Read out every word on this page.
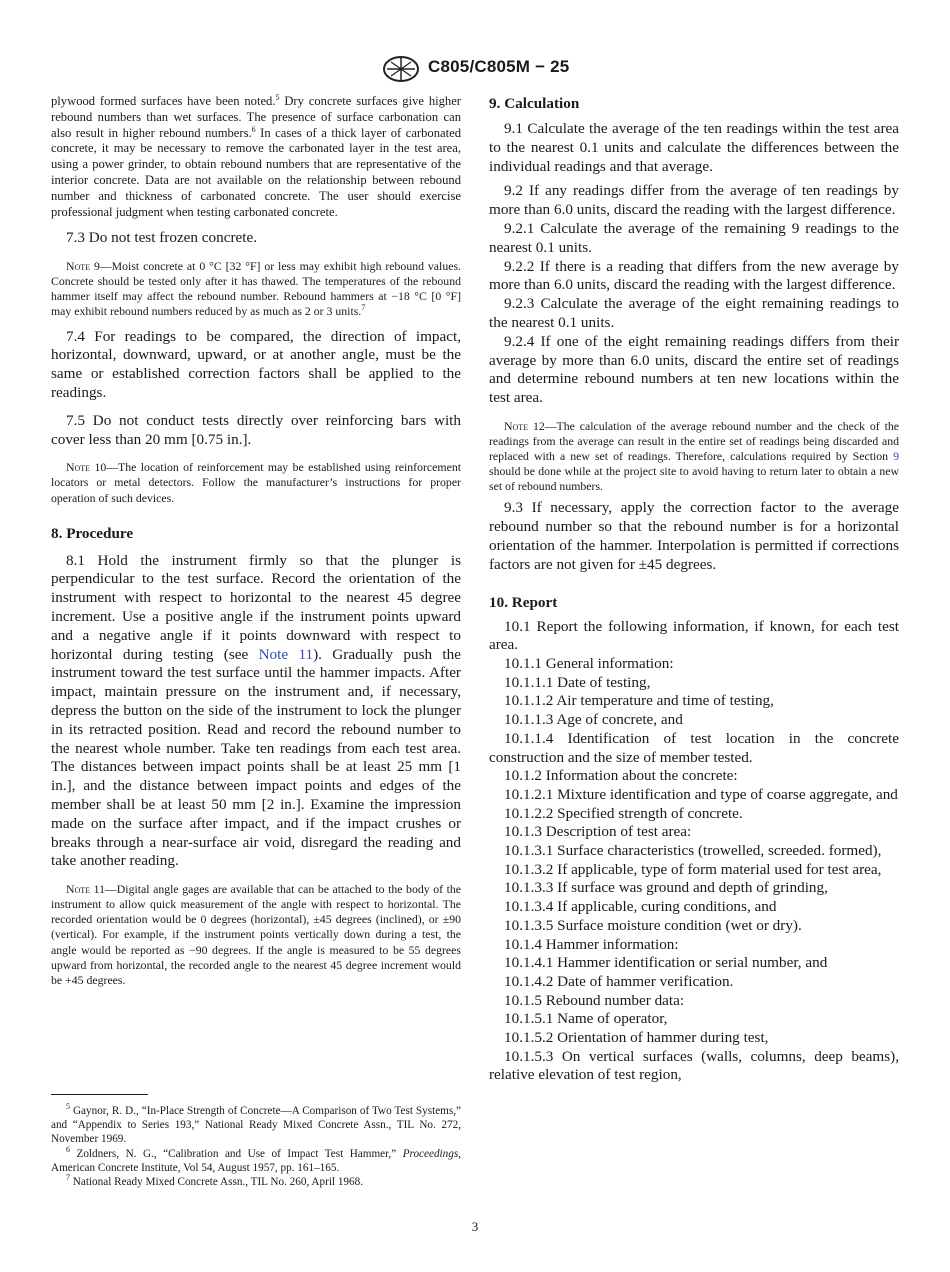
C805/C805M − 25

plywood formed surfaces have been noted.$^5$ Dry concrete surfaces give higher rebound numbers than wet surfaces. The presence of surface carbonation can also result in higher rebound numbers.$^6$ In cases of a thick layer of carbonated concrete, it may be necessary to remove the carbonated layer in the test area, using a power grinder, to obtain rebound numbers that are representative of the interior concrete. Data are not available on the relationship between rebound number and thickness of carbonated concrete. The user should exercise professional judgment when testing carbonated concrete.

7.3 Do not test frozen concrete.

Note 9—Moist concrete at 0 °C [32 °F] or less may exhibit high rebound values. Concrete should be tested only after it has thawed. The temperatures of the rebound hammer itself may affect the rebound number. Rebound hammers at −18 °C [0 °F] may exhibit rebound numbers reduced by as much as 2 or 3 units.$^7$

7.4 For readings to be compared, the direction of impact, horizontal, downward, upward, or at another angle, must be the same or established correction factors shall be applied to the readings.

7.5 Do not conduct tests directly over reinforcing bars with cover less than 20 mm [0.75 in.].

Note 10—The location of reinforcement may be established using reinforcement locators or metal detectors. Follow the manufacturer’s instructions for proper operation of such devices.

8. Procedure

8.1 Hold the instrument firmly so that the plunger is perpendicular to the test surface. Record the orientation of the instrument with respect to horizontal to the nearest 45 degree increment. Use a positive angle if the instrument points upward and a negative angle if it points downward with respect to horizontal during testing (see Note 11). Gradually push the instrument toward the test surface until the hammer impacts. After impact, maintain pressure on the instrument and, if necessary, depress the button on the side of the instrument to lock the plunger in its retracted position. Read and record the rebound number to the nearest whole number. Take ten readings from each test area. The distances between impact points shall be at least 25 mm [1 in.], and the distance between impact points and edges of the member shall be at least 50 mm [2 in.]. Examine the impression made on the surface after impact, and if the impact crushes or breaks through a near-surface air void, disregard the reading and take another reading.

Note 11—Digital angle gages are available that can be attached to the body of the instrument to allow quick measurement of the angle with respect to horizontal. The recorded orientation would be 0 degrees (horizontal), ±45 degrees (inclined), or ±90 (vertical). For example, if the instrument points vertically down during a test, the angle would be reported as −90 degrees. If the angle is measured to be 55 degrees upward from horizontal, the recorded angle to the nearest 45 degree increment would be +45 degrees.

$^5$ Gaynor, R. D., “In-Place Strength of Concrete—A Comparison of Two Test Systems,” and “Appendix to Series 193,” National Ready Mixed Concrete Assn., TIL No. 272, November 1969.

$^6$ Zoldners, N. G., “Calibration and Use of Impact Test Hammer,” Proceedings, American Concrete Institute, Vol 54, August 1957, pp. 161–165.

$^7$ National Ready Mixed Concrete Assn., TIL No. 260, April 1968.

9. Calculation

9.1 Calculate the average of the ten readings within the test area to the nearest 0.1 units and calculate the differences between the individual readings and that average.

9.2 If any readings differ from the average of ten readings by more than 6.0 units, discard the reading with the largest difference.

9.2.1 Calculate the average of the remaining 9 readings to the nearest 0.1 units.

9.2.2 If there is a reading that differs from the new average by more than 6.0 units, discard the reading with the largest difference.

9.2.3 Calculate the average of the eight remaining readings to the nearest 0.1 units.

9.2.4 If one of the eight remaining readings differs from their average by more than 6.0 units, discard the entire set of readings and determine rebound numbers at ten new locations within the test area.

Note 12—The calculation of the average rebound number and the check of the readings from the average can result in the entire set of readings being discarded and replaced with a new set of readings. Therefore, calculations required by Section 9 should be done while at the project site to avoid having to return later to obtain a new set of rebound numbers.

9.3 If necessary, apply the correction factor to the average rebound number so that the rebound number is for a horizontal orientation of the hammer. Interpolation is permitted if corrections factors are not given for ±45 degrees.

10. Report

10.1 Report the following information, if known, for each test area.

10.1.1 General information:

10.1.1.1 Date of testing,

10.1.1.2 Air temperature and time of testing,

10.1.1.3 Age of concrete, and

10.1.1.4 Identification of test location in the concrete construction and the size of member tested.

10.1.2 Information about the concrete:

10.1.2.1 Mixture identification and type of coarse aggregate, and

10.1.2.2 Specified strength of concrete.

10.1.3 Description of test area:

10.1.3.1 Surface characteristics (trowelled, screeded. formed),

10.1.3.2 If applicable, type of form material used for test area,

10.1.3.3 If surface was ground and depth of grinding,

10.1.3.4 If applicable, curing conditions, and

10.1.3.5 Surface moisture condition (wet or dry).

10.1.4 Hammer information:

10.1.4.1 Hammer identification or serial number, and

10.1.4.2 Date of hammer verification.

10.1.5 Rebound number data:

10.1.5.1 Name of operator,

10.1.5.2 Orientation of hammer during test,

10.1.5.3 On vertical surfaces (walls, columns, deep beams), relative elevation of test region,

3
